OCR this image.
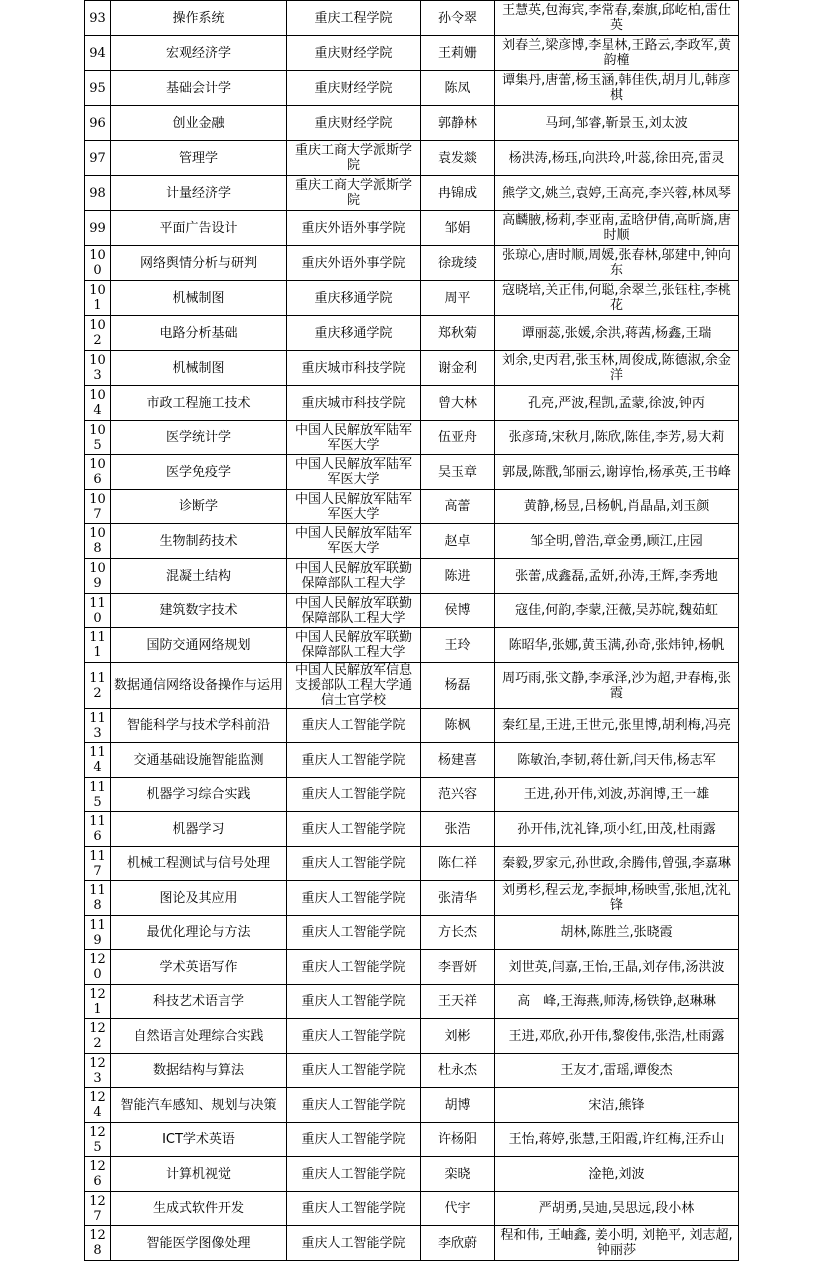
93	操作系统	重庆工程学院	孙令翠	王慧英,包海宾,李常春,秦旗,邱屹柏,雷仕英
94	宏观经济学	重庆财经学院	王莉姗	刘春兰,梁彦博,李星林,王路云,李政军,黄韵橦
95	基础会计学	重庆财经学院	陈凤	谭集丹,唐蕾,杨玉涵,韩佳佚,胡月儿,韩彦棋
96	创业金融	重庆财经学院	郭静林	马珂,邹睿,靳景玉,刘太波
97	管理学	重庆工商大学派斯学院	袁发燚	杨洪涛,杨珏,向洪玲,叶蕊,徐田亮,雷灵
98	计量经济学	重庆工商大学派斯学院	冉锦成	熊学文,姚兰,袁婷,王高亮,李兴蓉,林凤琴
99	平面广告设计	重庆外语外事学院	邹娟	高麟腋,杨莉,李亚南,孟晗伊倩,高昕旖,唐时顺
100	网络舆情分析与研判	重庆外语外事学院	徐珑绫	张琼心,唐时顺,周媛,张春林,邬建中,钟向东
101	机械制图	重庆移通学院	周平	寇晓培,关正伟,何聪,余翠兰,张钰柱,李桃花
102	电路分析基础	重庆移通学院	郑秋菊	谭丽蕊,张媛,余洪,蒋茜,杨鑫,王瑞
103	机械制图	重庆城市科技学院	谢金利	刘余,史丙君,张玉林,周俊成,陈德淑,余金洋
104	市政工程施工技术	重庆城市科技学院	曾大林	孔亮,严波,程凯,孟蒙,徐波,钟丙
105	医学统计学	中国人民解放军陆军军医大学	伍亚舟	张彦琦,宋秋月,陈欣,陈佳,李芳,易大莉
106	医学免疫学	中国人民解放军陆军军医大学	吴玉章	郭晟,陈戬,邹丽云,谢谆怡,杨承英,王书峰
107	诊断学	中国人民解放军陆军军医大学	高蕾	黄静,杨昱,吕杨帆,肖晶晶,刘玉颜
108	生物制药技术	中国人民解放军陆军军医大学	赵卓	邹全明,曾浩,章金勇,顾江,庄园
109	混凝土结构	中国人民解放军联勤保障部队工程大学	陈进	张蕾,成鑫磊,孟妍,孙涛,王辉,李秀地
110	建筑数字技术	中国人民解放军联勤保障部队工程大学	侯博	寇佳,何韵,李蒙,汪薇,吴苏皖,魏茹虹
111	国防交通网络规划	中国人民解放军联勤保障部队工程大学	王玲	陈昭华,张娜,黄玉满,孙奇,张炜钟,杨帆
112	数据通信网络设备操作与运用	中国人民解放军信息支援部队工程大学通信士官学校	杨磊	周巧雨,张文静,李承泽,沙为超,尹春梅,张霞
113	智能科学与技术学科前沿	重庆人工智能学院	陈枫	秦红星,王进,王世元,张里博,胡利梅,冯亮
114	交通基础设施智能监测	重庆人工智能学院	杨建喜	陈敏治,李韧,蒋仕新,闫天伟,杨志军
115	机器学习综合实践	重庆人工智能学院	范兴容	王进,孙开伟,刘波,苏润博,王一雄
116	机器学习	重庆人工智能学院	张浩	孙开伟,沈礼锋,项小红,田茂,杜雨露
117	机械工程测试与信号处理	重庆人工智能学院	陈仁祥	秦毅,罗家元,孙世政,余腾伟,曾强,李嘉琳
118	图论及其应用	重庆人工智能学院	张清华	刘勇杉,程云龙,李振坤,杨映雪,张旭,沈礼锋
119	最优化理论与方法	重庆人工智能学院	方长杰	胡林,陈胜兰,张晓霞
120	学术英语写作	重庆人工智能学院	李晋妍	刘世英,闫嘉,王怡,王晶,刘存伟,汤洪波
121	科技艺术语言学	重庆人工智能学院	王天祥	高　峰,王海燕,师涛,杨铁铮,赵琳琳
122	自然语言处理综合实践	重庆人工智能学院	刘彬	王进,邓欣,孙开伟,黎俊伟,张浩,杜雨露
123	数据结构与算法	重庆人工智能学院	杜永杰	王友才,雷瑶,谭俊杰
124	智能汽车感知、规划与决策	重庆人工智能学院	胡博	宋洁,熊锋
125	ICT学术英语	重庆人工智能学院	许杨阳	王怡,蒋婷,张慧,王阳霞,许红梅,汪乔山
126	计算机视觉	重庆人工智能学院	栾晓	淦艳,刘波
127	生成式软件开发	重庆人工智能学院	代宇	严胡勇,吴迪,吴思远,段小林
128	智能医学图像处理	重庆人工智能学院	李欣蔚	程和伟, 王岫鑫, 姜小明, 刘艳平, 刘志超, 钟丽莎
